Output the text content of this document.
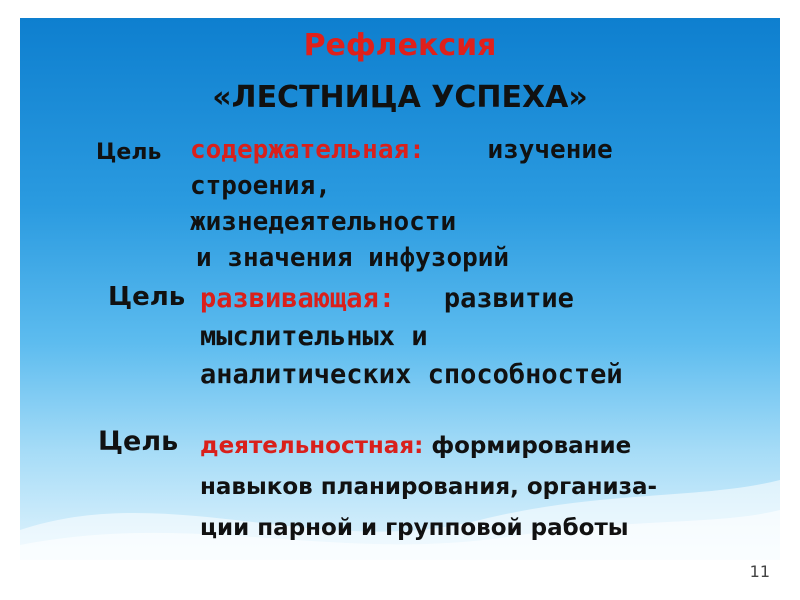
Рефлексия
«ЛЕСТНИЦА УСПЕХА»
Цель содержательная: изучение
строения,
жизнедеятельности
и значения инфузорий
Цель развивающая: развитие
мыслительных и
аналитических способностей
Цель деятельностная: формирование
навыков планирования, организа-
ции парной и групповой работы
11
